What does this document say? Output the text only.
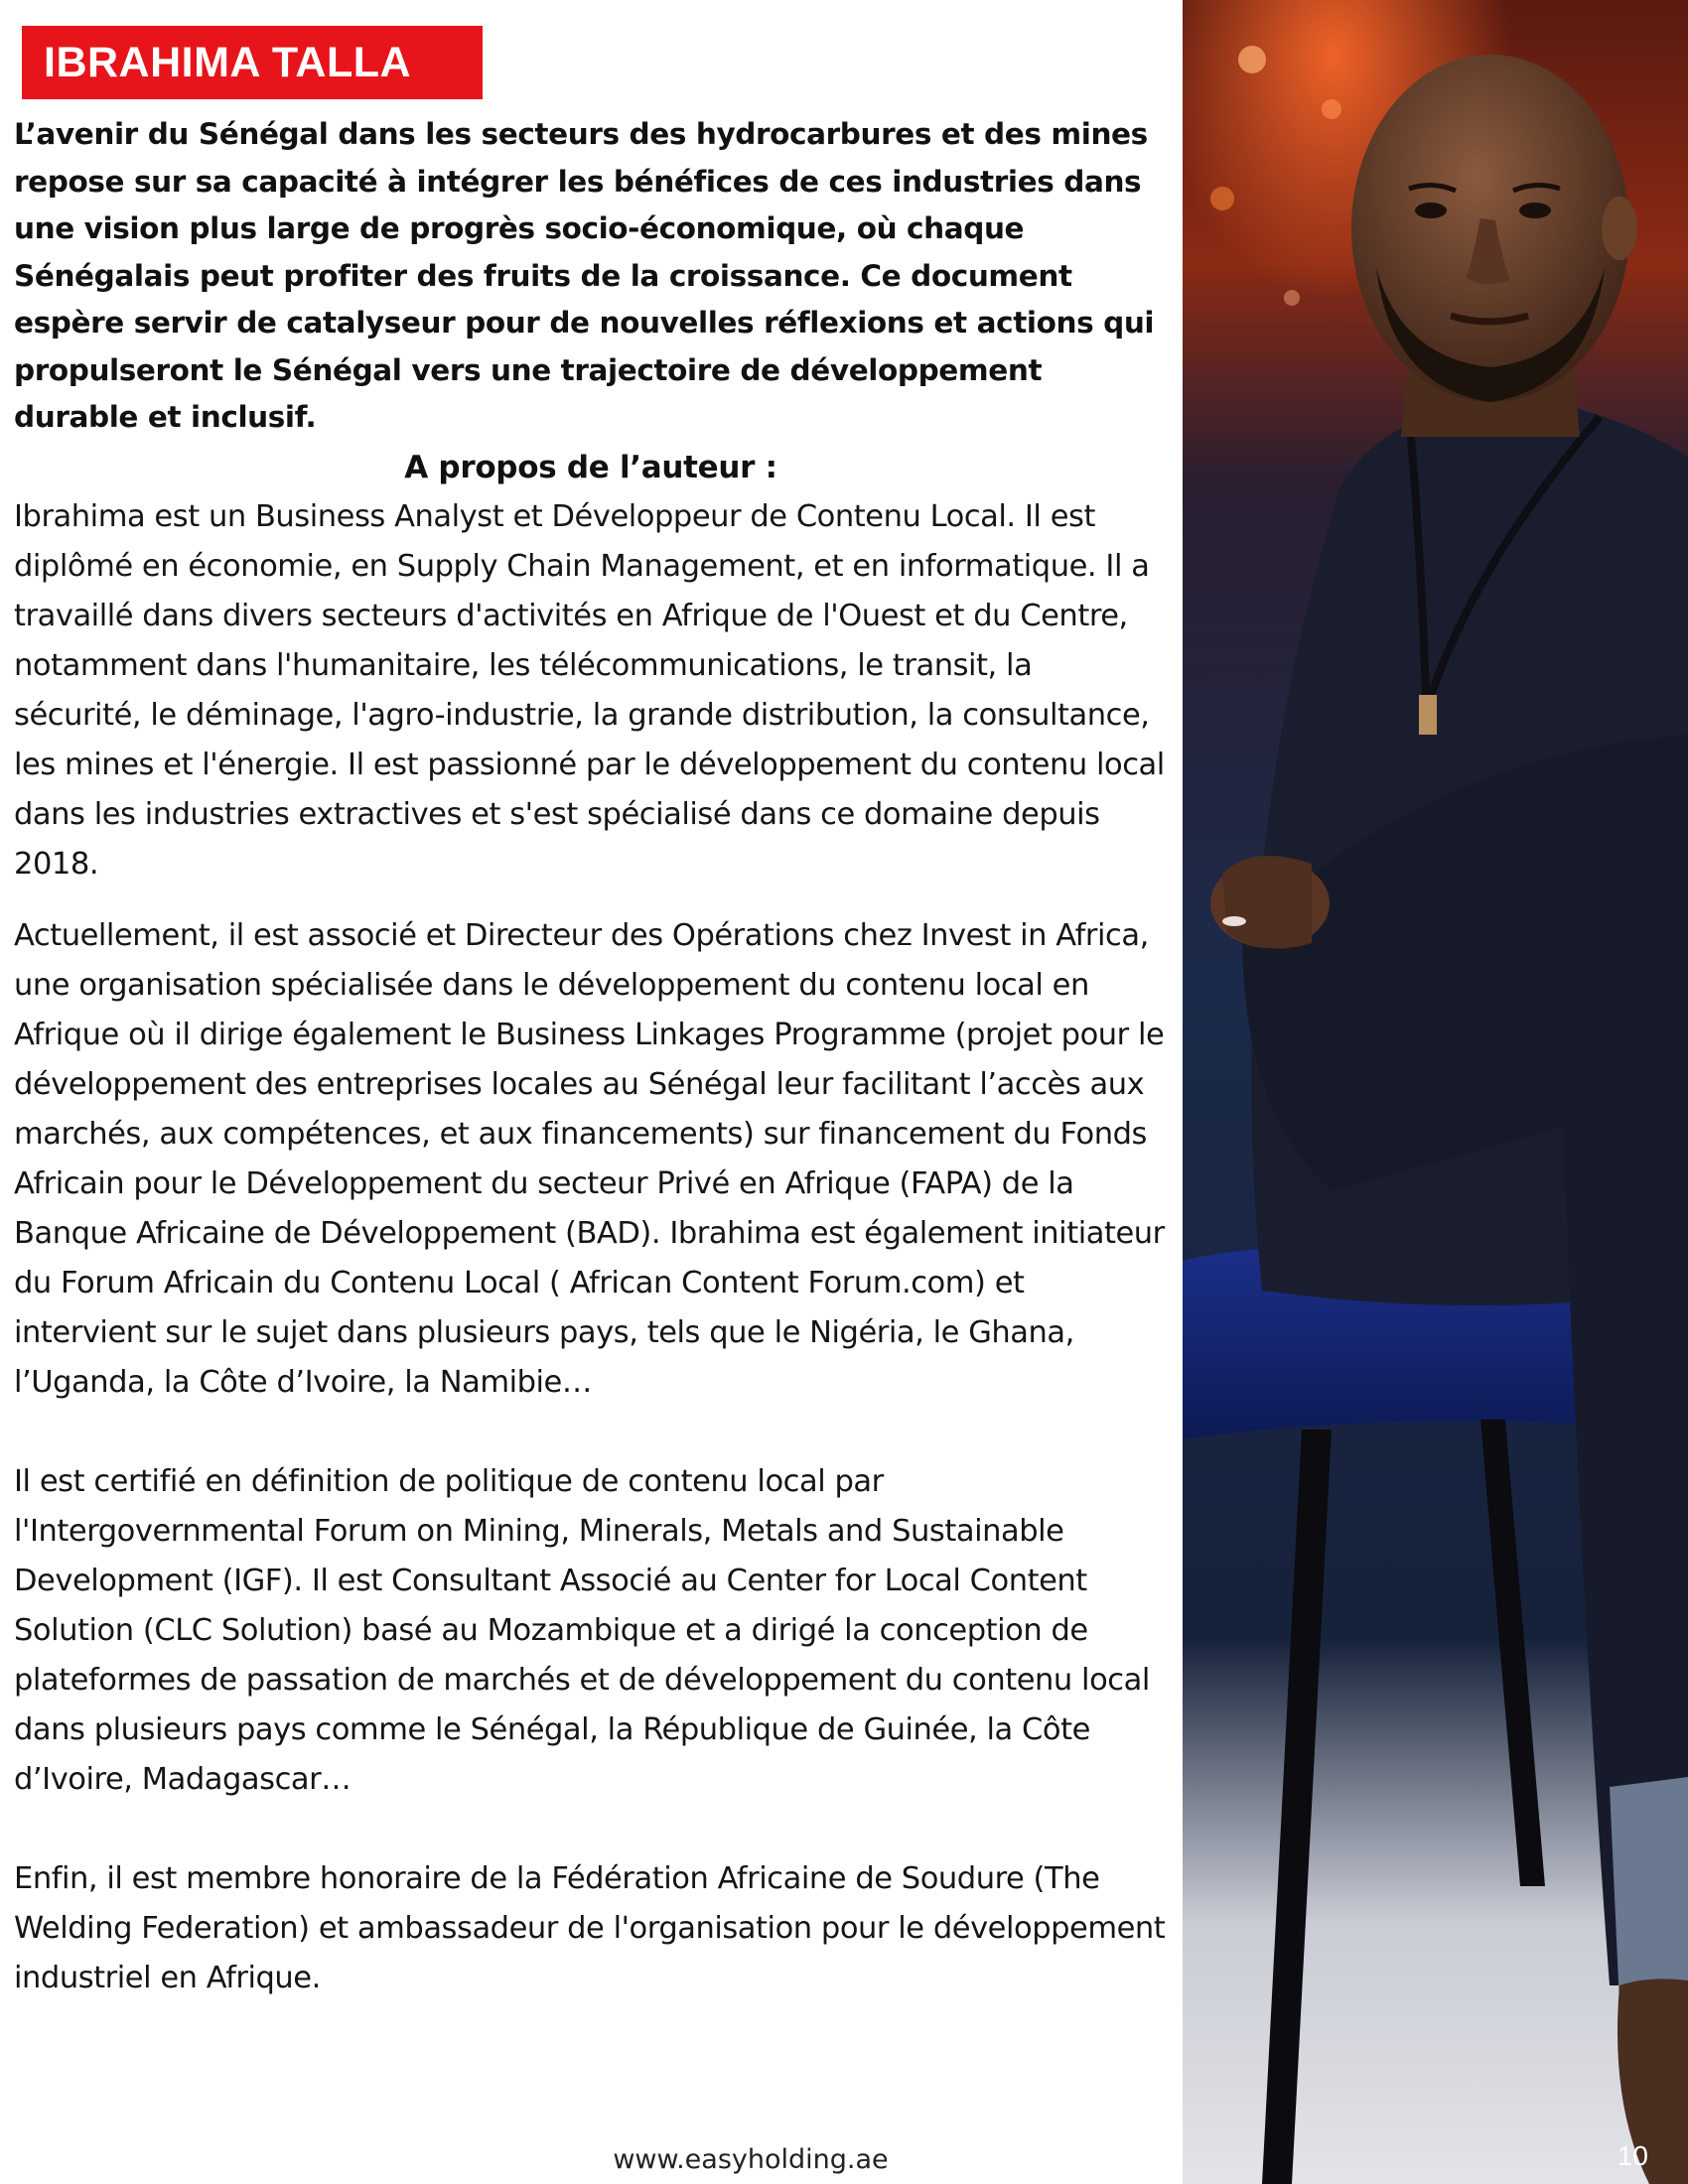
IBRAHIMA TALLA

L’avenir du Sénégal dans les secteurs des hydrocarbures et des mines repose sur sa capacité à intégrer les bénéfices de ces industries dans une vision plus large de progrès socio-économique, où chaque Sénégalais peut profiter des fruits de la croissance. Ce document espère servir de catalyseur pour de nouvelles réflexions et actions qui propulseront le Sénégal vers une trajectoire de développement durable et inclusif.

A propos de l’auteur :

Ibrahima est un Business Analyst et Développeur de Contenu Local. Il est diplômé en économie, en Supply Chain Management, et en informatique. Il a travaillé dans divers secteurs d'activités en Afrique de l'Ouest et du Centre, notamment dans l'humanitaire, les télécommunications, le transit, la sécurité, le déminage, l'agro-industrie, la grande distribution, la consultance, les mines et l'énergie. Il est passionné par le développement du contenu local dans les industries extractives et s'est spécialisé dans ce domaine depuis 2018.

Actuellement, il est associé et Directeur des Opérations chez Invest in Africa, une organisation spécialisée dans le développement du contenu local en Afrique où il dirige également le Business Linkages Programme (projet pour le développement des entreprises locales au Sénégal leur facilitant l’accès aux marchés, aux compétences, et aux financements) sur financement du Fonds Africain pour le Développement du secteur Privé en Afrique (FAPA) de la Banque Africaine de Développement (BAD). Ibrahima est également initiateur du Forum Africain du Contenu Local ( African Content Forum.com) et intervient sur le sujet dans plusieurs pays, tels que le Nigéria, le Ghana, l’Uganda, la Côte d’Ivoire, la Namibie…

Il est certifié en définition de politique de contenu local par l'Intergovernmental Forum on Mining, Minerals, Metals and Sustainable Development (IGF). Il est Consultant Associé au Center for Local Content Solution (CLC Solution) basé au Mozambique et a dirigé la conception de plateformes de passation de marchés et de développement du contenu local dans plusieurs pays comme le Sénégal, la République de Guinée, la Côte d’Ivoire, Madagascar…

Enfin, il est membre honoraire de la Fédération Africaine de Soudure (The Welding Federation) et ambassadeur de l'organisation pour le développement industriel en Afrique.

www.easyholding.ae	10
